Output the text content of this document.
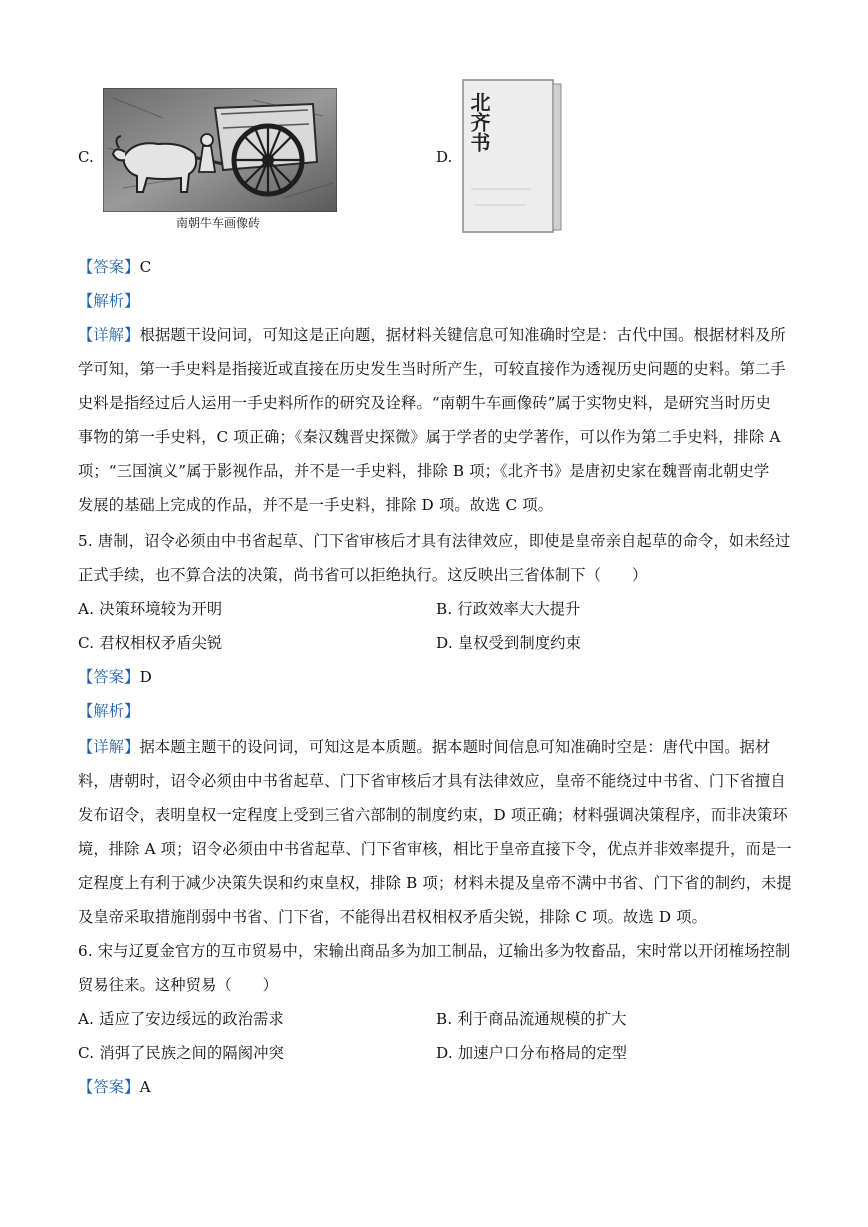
C.
南朝牛车画像砖
D.
北齐书
【答案】C
【解析】
【详解】根据题干设问词，可知这是正向题，据材料关键信息可知准确时空是：古代中国。根据材料及所
学可知，第一手史料是指接近或直接在历史发生当时所产生，可较直接作为透视历史问题的史料。第二手
史料是指经过后人运用一手史料所作的研究及诠释。“南朝牛车画像砖”属于实物史料，是研究当时历史
事物的第一手史料，C 项正确；《秦汉魏晋史探微》属于学者的史学著作，可以作为第二手史料，排除 A
项；“三国演义”属于影视作品，并不是一手史料，排除 B 项；《北齐书》是唐初史家在魏晋南北朝史学
发展的基础上完成的作品，并不是一手史料，排除 D 项。故选 C 项。
5. 唐制，诏令必须由中书省起草、门下省审核后才具有法律效应，即使是皇帝亲自起草的命令，如未经过
正式手续，也不算合法的决策，尚书省可以拒绝执行。这反映出三省体制下（　　）
A. 决策环境较为开明	B. 行政效率大大提升
C. 君权相权矛盾尖锐	D. 皇权受到制度约束
【答案】D
【解析】
【详解】据本题主题干的设问词，可知这是本质题。据本题时间信息可知准确时空是：唐代中国。据材
料，唐朝时，诏令必须由中书省起草、门下省审核后才具有法律效应，皇帝不能绕过中书省、门下省擅自
发布诏令，表明皇权一定程度上受到三省六部制的制度约束，D 项正确；材料强调决策程序，而非决策环
境，排除 A 项；诏令必须由中书省起草、门下省审核，相比于皇帝直接下令，优点并非效率提升，而是一
定程度上有利于减少决策失误和约束皇权，排除 B 项；材料未提及皇帝不满中书省、门下省的制约，未提
及皇帝采取措施削弱中书省、门下省，不能得出君权相权矛盾尖锐，排除 C 项。故选 D 项。
6. 宋与辽夏金官方的互市贸易中，宋输出商品多为加工制品，辽输出多为牧畜品，宋时常以开闭榷场控制
贸易往来。这种贸易（　　）
A. 适应了安边绥远的政治需求	B. 利于商品流通规模的扩大
C. 消弭了民族之间的隔阂冲突	D. 加速户口分布格局的定型
【答案】A
